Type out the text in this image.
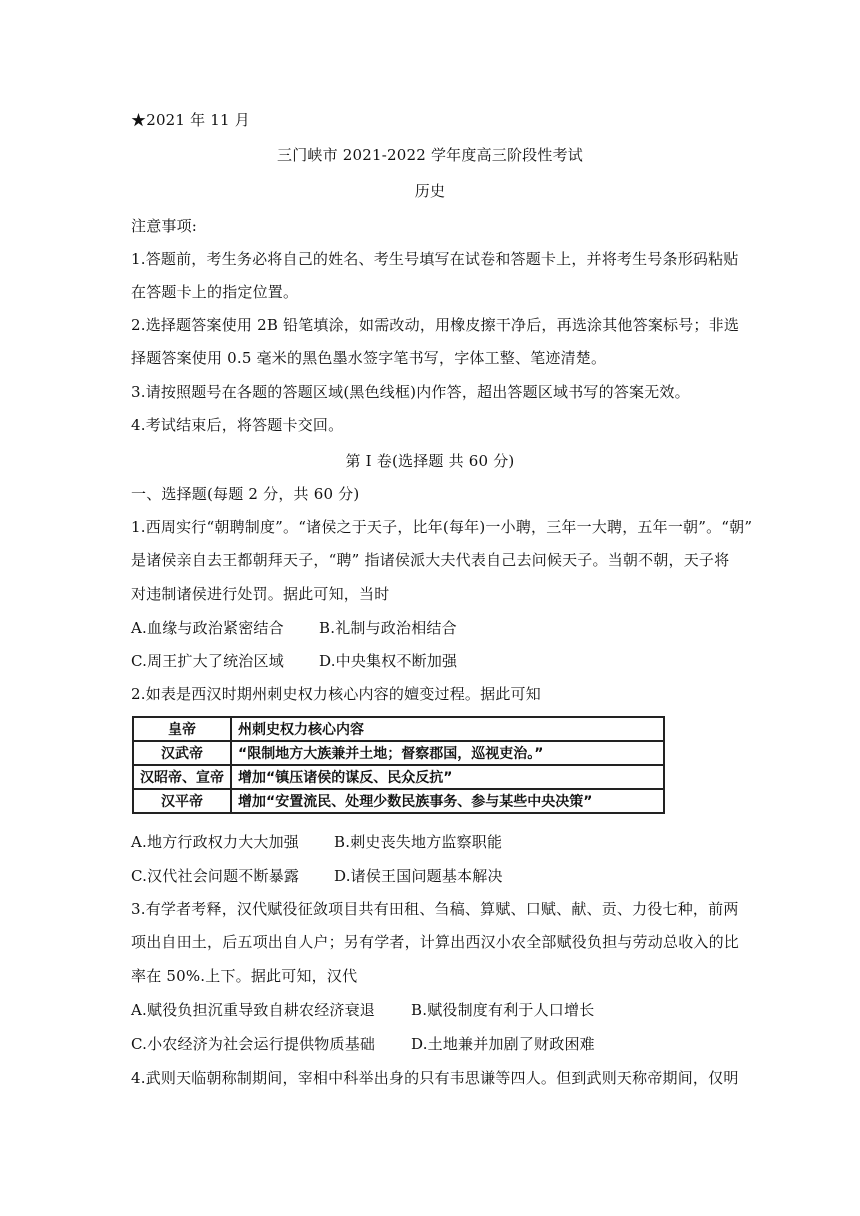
★2021 年 11 月
三门峡市 2021-2022 学年度高三阶段性考试
历史
注意事项:
1.答题前，考生务必将自己的姓名、考生号填写在试卷和答题卡上，并将考生号条形码粘贴
在答题卡上的指定位置。
2.选择题答案使用 2B 铅笔填涂，如需改动，用橡皮擦干净后，再选涂其他答案标号；非选
择题答案使用 0.5 毫米的黑色墨水签字笔书写，字体工整、笔迹清楚。
3.请按照题号在各题的答题区域(黑色线框)内作答，超出答题区域书写的答案无效。
4.考试结束后，将答题卡交回。
第 I 卷(选择题 共 60 分)
一、选择题(每题 2 分，共 60 分)
1.西周实行“朝聘制度”。“诸侯之于天子，比年(每年)一小聘，三年一大聘，五年一朝”。“朝”
是诸侯亲自去王都朝拜天子，“聘” 指诸侯派大夫代表自己去问候天子。当朝不朝，天子将
对违制诸侯进行处罚。据此可知，当时
A.血缘与政治紧密结合 B.礼制与政治相结合
C.周王扩大了统治区域 D.中央集权不断加强
2.如表是西汉时期州刺史权力核心内容的嬗变过程。据此可知
皇帝	州刺史权力核心内容
汉武帝	“限制地方大族兼并土地；督察郡国，巡视吏治。”
汉昭帝、宣帝	增加“镇压诸侯的谋反、民众反抗”
汉平帝	增加“安置流民、处理少数民族事务、参与某些中央决策”
A.地方行政权力大大加强 B.刺史丧失地方监察职能
C.汉代社会问题不断暴露 D.诸侯王国问题基本解决
3.有学者考释，汉代赋役征敛项目共有田租、刍稿、算赋、口赋、献、贡、力役七种，前两
项出自田土，后五项出自人户；另有学者，计算出西汉小农全部赋役负担与劳动总收入的比
率在 50%.上下。据此可知，汉代
A.赋役负担沉重导致自耕农经济衰退 B.赋役制度有利于人口增长
C.小农经济为社会运行提供物质基础 D.土地兼并加剧了财政困难
4.武则天临朝称制期间，宰相中科举出身的只有韦思谦等四人。但到武则天称帝期间，仅明
